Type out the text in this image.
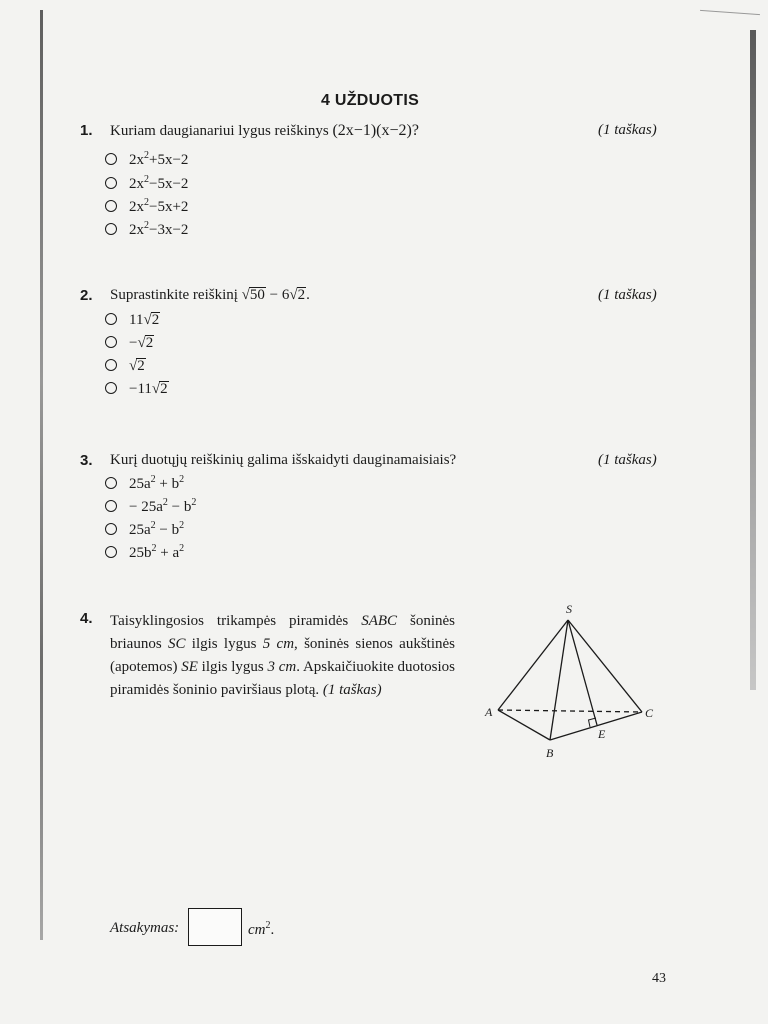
4 UŽDUOTIS
1. Kuriam daugianariui lygus reiškinys (2x−1)(x−2)?	(1 taškas)
$2x^2+5x-2$
$2x^2-5x-2$
$2x^2-5x+2$
$2x^2-3x-2$
2. Suprastinkite reiškinį √50 − 6√2.	(1 taškas)
11√2
−√2
√2
−11√2
3. Kurį duotųjų reiškinių galima išskaidyti dauginamaisiais?	(1 taškas)
$25a^2 + b^2$
− $25a^2 - b^2$
$25a^2 - b^2$
$25b^2 + a^2$
4. Taisyklingosios trikampės piramidės SABC šoninės briaunos SC ilgis lygus 5 cm, šoninės sienos aukštinės (apotemos) SE ilgis lygus 3 cm. Apskaičiuokite duotosios piramidės šoninio paviršiaus plotą. (1 taškas)
S
A
B
C
E
Atsakymas:	$cm^2$.
43
